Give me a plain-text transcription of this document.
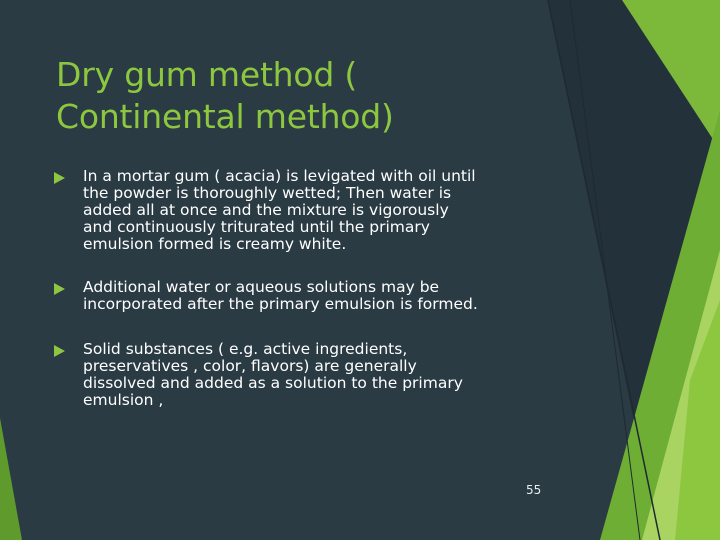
Dry gum method (
Continental method)
In a mortar gum ( acacia) is levigated with oil until
the powder is thoroughly wetted; Then water is
added all at once and the mixture is vigorously
and continuously triturated until the primary
emulsion formed is creamy white.
Additional water or aqueous solutions may be
incorporated after the primary emulsion is formed.
Solid substances ( e.g. active ingredients,
preservatives , color, flavors) are generally
dissolved and added as a solution to the primary
emulsion ,
55
